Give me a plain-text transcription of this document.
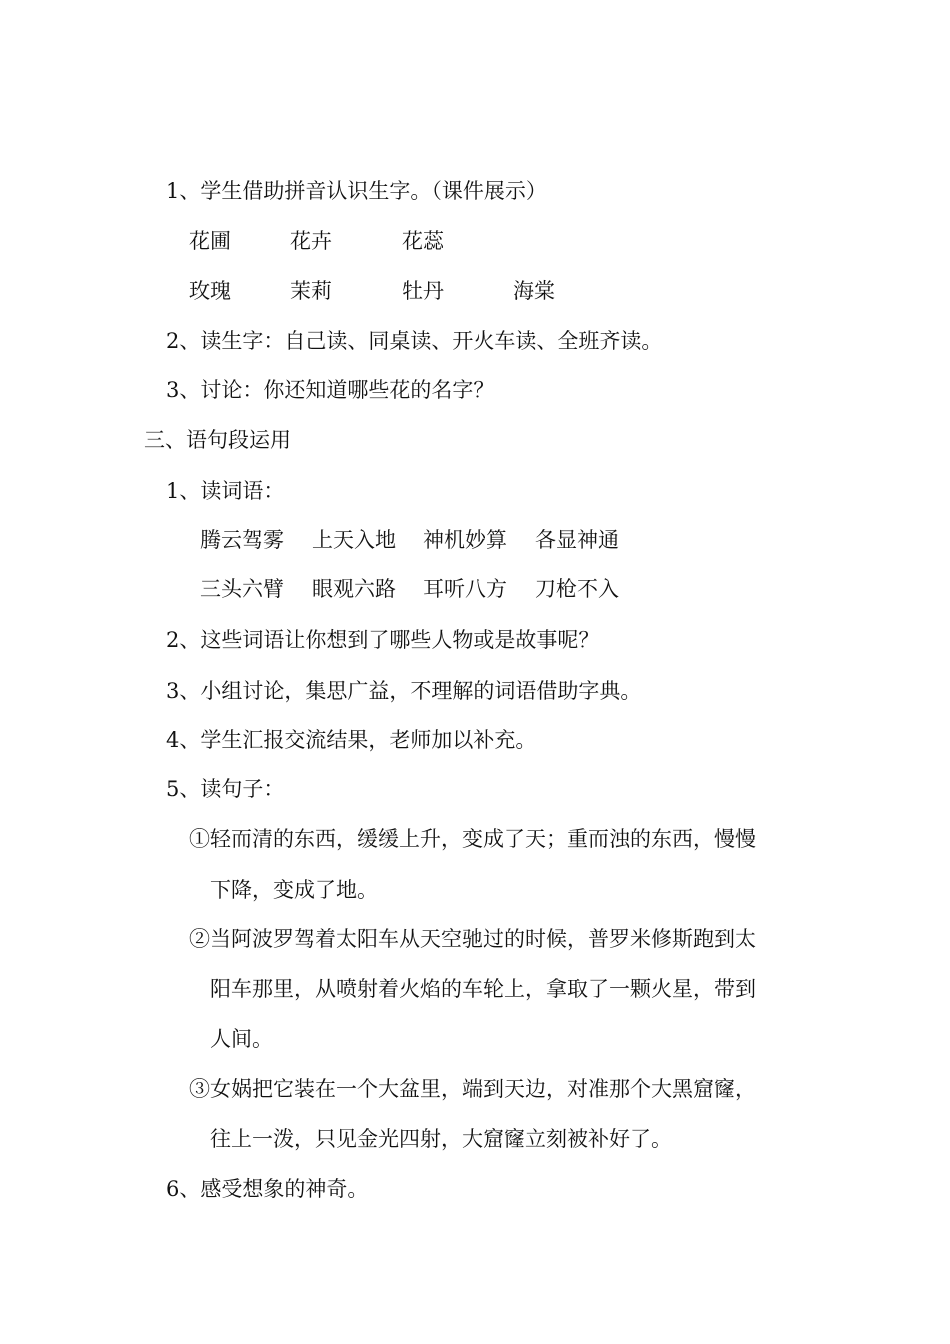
1、学生借助拼音认识生字。（课件展示）

花圃	花卉	花蕊
玫瑰	茉莉	牡丹	海棠

2、读生字：自己读、同桌读、开火车读、全班齐读。

3、讨论：你还知道哪些花的名字？

三、语句段运用

1、读词语：

腾云驾雾 上天入地 神机妙算 各显神通
三头六臂 眼观六路 耳听八方 刀枪不入

2、这些词语让你想到了哪些人物或是故事呢？

3、小组讨论，集思广益，不理解的词语借助字典。

4、学生汇报交流结果，老师加以补充。

5、读句子：

①轻而清的东西，缓缓上升，变成了天；重而浊的东西，慢慢

下降，变成了地。

②当阿波罗驾着太阳车从天空驰过的时候，普罗米修斯跑到太

阳车那里，从喷射着火焰的车轮上，拿取了一颗火星，带到

人间。

③女娲把它装在一个大盆里，端到天边，对准那个大黑窟窿，

往上一泼，只见金光四射，大窟窿立刻被补好了。

6、感受想象的神奇。
